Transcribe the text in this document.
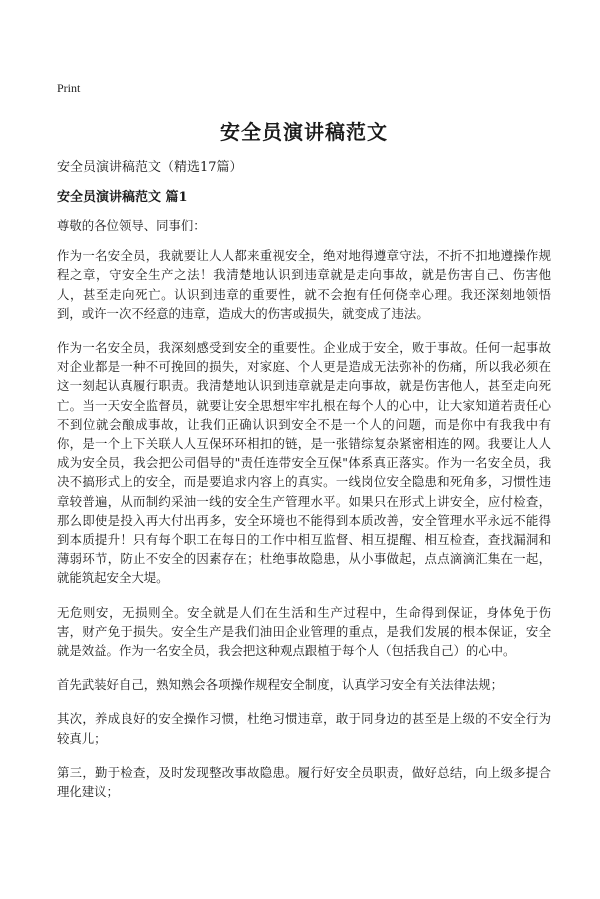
Print
安全员演讲稿范文
安全员演讲稿范文（精选17篇）
安全员演讲稿范文 篇1

尊敬的各位领导、同事们：

作为一名安全员，我就要让人人都来重视安全，绝对地得遵章守法，不折不扣地遵操作规程之章，守安全生产之法！我清楚地认识到违章就是走向事故，就是伤害自己、伤害他人，甚至走向死亡。认识到违章的重要性，就不会抱有任何侥幸心理。我还深刻地领悟到，或许一次不经意的违章，造成大的伤害或损失，就变成了违法。

作为一名安全员，我深刻感受到安全的重要性。企业成于安全，败于事故。任何一起事故对企业都是一种不可挽回的损失，对家庭、个人更是造成无法弥补的伤痛，所以我必须在这一刻起认真履行职责。我清楚地认识到违章就是走向事故，就是伤害他人，甚至走向死亡。当一天安全监督员，就要让安全思想牢牢扎根在每个人的心中，让大家知道若责任心不到位就会酿成事故，让我们正确认识到安全不是一个人的问题，而是你中有我我中有你，是一个上下关联人人互保环环相扣的链，是一张错综复杂紧密相连的网。我要让人人成为安全员，我会把公司倡导的"责任连带安全互保"体系真正落实。作为一名安全员，我决不搞形式上的安全，而是要追求内容上的真实。一线岗位安全隐患和死角多，习惯性违章较普遍，从而制约采油一线的安全生产管理水平。如果只在形式上讲安全，应付检查，那么即使是投入再大付出再多，安全环境也不能得到本质改善，安全管理水平永远不能得到本质提升！只有每个职工在每日的工作中相互监督、相互提醒、相互检查，查找漏洞和薄弱环节，防止不安全的因素存在；杜绝事故隐患，从小事做起，点点滴滴汇集在一起，就能筑起安全大堤。

无危则安，无损则全。安全就是人们在生活和生产过程中，生命得到保证，身体免于伤害，财产免于损失。安全生产是我们油田企业管理的重点，是我们发展的根本保证，安全就是效益。作为一名安全员，我会把这种观点跟植于每个人（包括我自己）的心中。

首先武装好自己，熟知熟会各项操作规程安全制度，认真学习安全有关法律法规；

其次，养成良好的安全操作习惯，杜绝习惯违章，敢于同身边的甚至是上级的不安全行为较真儿；

第三，勤于检查，及时发现整改事故隐患。履行好安全员职责，做好总结，向上级多提合理化建议；
